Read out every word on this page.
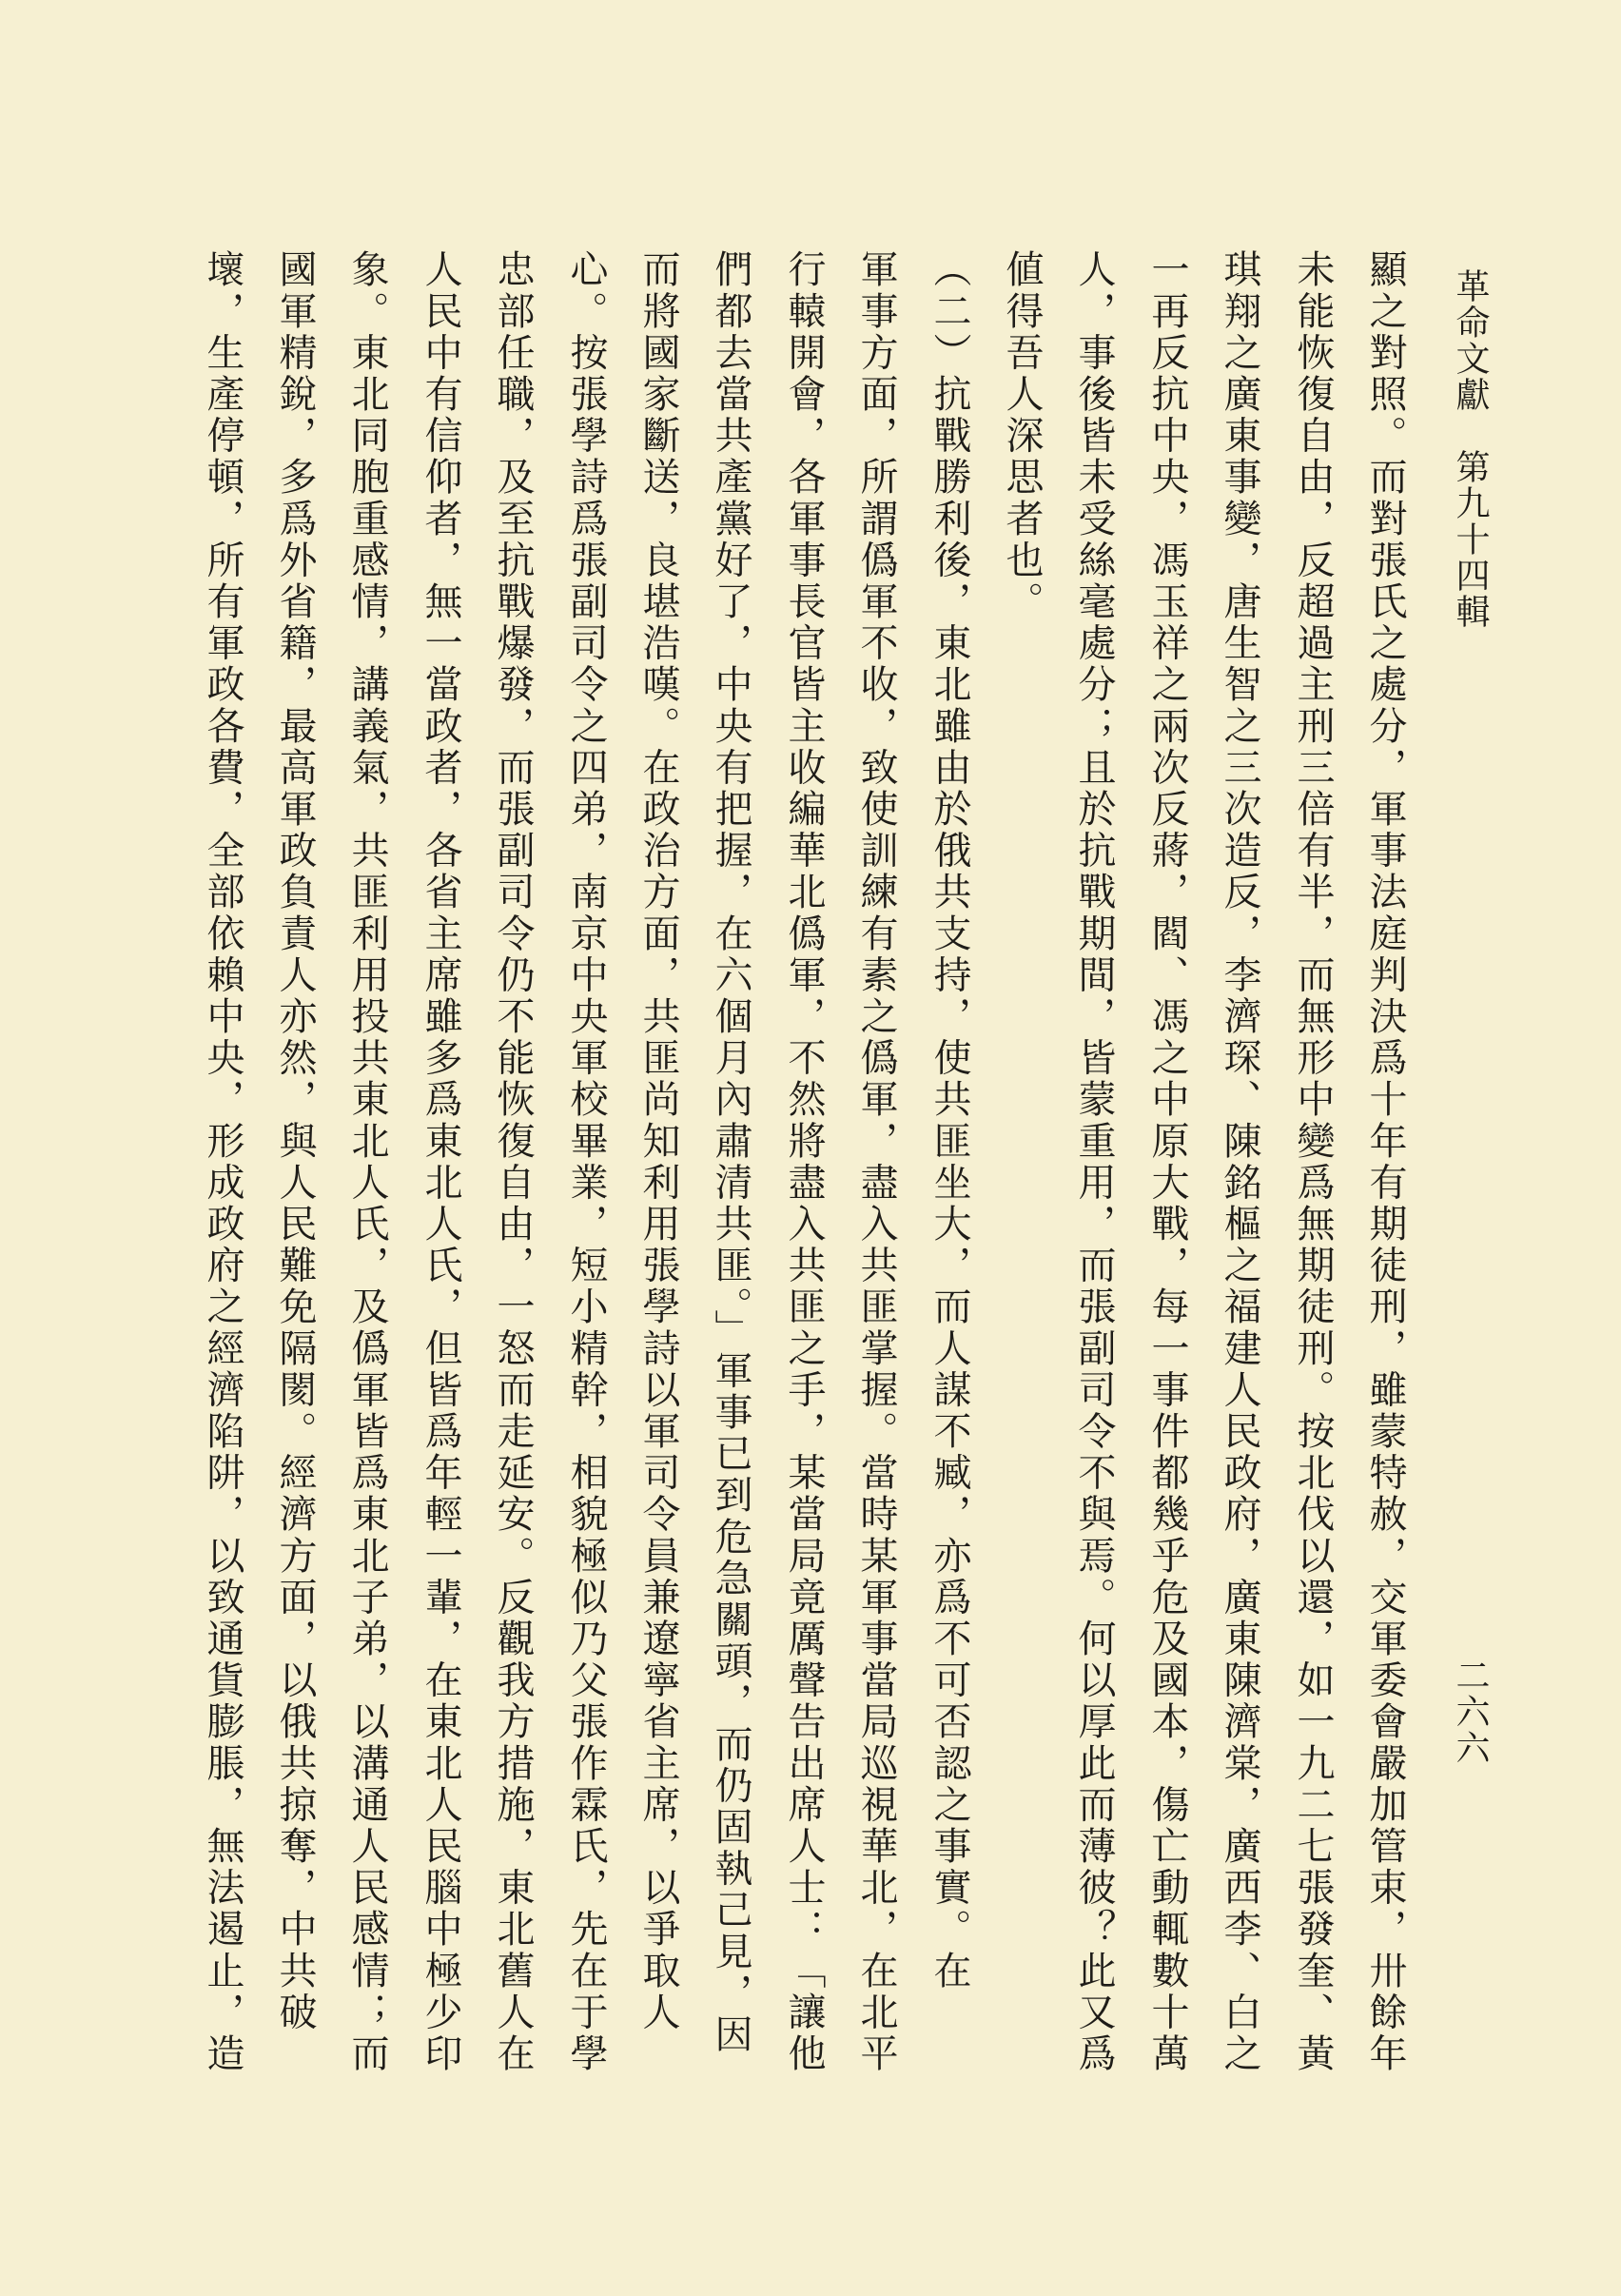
革命文獻　第九十四輯
二六六
顯之對照。而對張氏之處分，軍事法庭判決爲十年有期徒刑，雖蒙特赦，交軍委會嚴加管束，卅餘年
未能恢復自由，反超過主刑三倍有半，而無形中變爲無期徒刑。按北伐以還，如一九二七張發奎、黃
琪翔之廣東事變，唐生智之三次造反，李濟琛、陳銘樞之福建人民政府，廣東陳濟棠，廣西李、白之
一再反抗中央，馮玉祥之兩次反蔣，閻、馮之中原大戰，每一事件都幾乎危及國本，傷亡動輒數十萬
人，事後皆未受絲毫處分；且於抗戰期間，皆蒙重用，而張副司令不與焉。何以厚此而薄彼？此又爲
値得吾人深思者也。
（二）抗戰勝利後，東北雖由於俄共支持，使共匪坐大，而人謀不臧，亦爲不可否認之事實。在
軍事方面，所謂僞軍不收，致使訓練有素之僞軍，盡入共匪掌握。當時某軍事當局巡視華北，在北平
行轅開會，各軍事長官皆主收編華北僞軍，不然將盡入共匪之手，某當局竟厲聲告出席人士：「讓他
們都去當共產黨好了，中央有把握，在六個月內肅清共匪。」軍事已到危急關頭，而仍固執己見，因
而將國家斷送，良堪浩嘆。在政治方面，共匪尚知利用張學詩以軍司令員兼遼寧省主席，以爭取人
心。按張學詩爲張副司令之四弟，南京中央軍校畢業，短小精幹，相貌極似乃父張作霖氏，先在于學
忠部任職，及至抗戰爆發，而張副司令仍不能恢復自由，一怒而走延安。反觀我方措施，東北舊人在
人民中有信仰者，無一當政者，各省主席雖多爲東北人氏，但皆爲年輕一輩，在東北人民腦中極少印
象。東北同胞重感情，講義氣，共匪利用投共東北人氏，及僞軍皆爲東北子弟，以溝通人民感情；而
國軍精銳，多爲外省籍，最高軍政負責人亦然，與人民難免隔閡。經濟方面，以俄共掠奪，中共破
壞，生產停頓，所有軍政各費，全部依賴中央，形成政府之經濟陷阱，以致通貨膨脹，無法遏止，造
